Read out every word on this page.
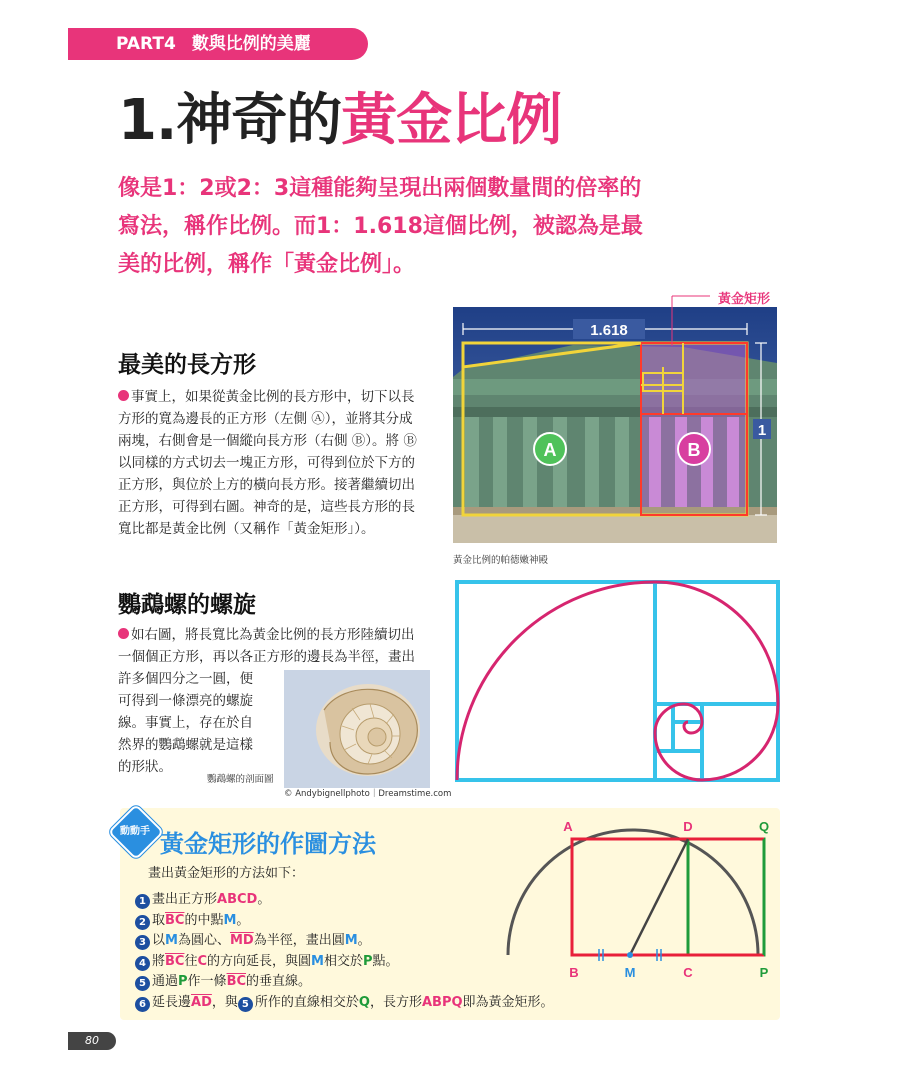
PART4 數與比例的美麗
1.神奇的黃金比例
像是1：2或2：3這種能夠呈現出兩個數量間的倍率的
寫法，稱作比例。而1：1.618這個比例，被認為是最
美的比例，稱作「黃金比例」。
最美的長方形
事實上，如果從黃金比例的長方形中，切下以長
方形的寬為邊長的正方形（左側 Ⓐ），並將其分成
兩塊，右側會是一個縱向長方形（右側 Ⓑ）。將 Ⓑ
以同樣的方式切去一塊正方形，可得到位於下方的
正方形，與位於上方的橫向長方形。接著繼續切出
正方形，可得到右圖。神奇的是，這些長方形的長
寬比都是黃金比例（又稱作「黃金矩形」）。
1.618
1
A	B
黃金矩形
黃金比例的帕德嫩神殿
鸚鵡螺的螺旋
如右圖，將長寬比為黃金比例的長方形陸續切出
一個個正方形，再以各正方形的邊長為半徑，畫出
許多個四分之一圓，便
可得到一條漂亮的螺旋
線。事實上，存在於自
然界的鸚鵡螺就是這樣
的形狀。
鸚鵡螺的剖面圖
© Andybignellphoto｜Dreamstime.com
動動手 黃金矩形的作圖方法
畫出黃金矩形的方法如下：
1 畫出正方形ABCD。
2 取$\overline{BC}$的中點M。
3 以M為圓心、$\overline{MD}$為半徑，畫出圓M。
4 將$\overline{BC}$往C的方向延長，與圓M相交於P點。
5 通過P作一條$\overline{BC}$的垂直線。
6 延長邊$\overline{AD}$，與 5 所作的直線相交於Q，長方形ABPQ即為黃金矩形。
A	D	Q
B	M	C	P
80
